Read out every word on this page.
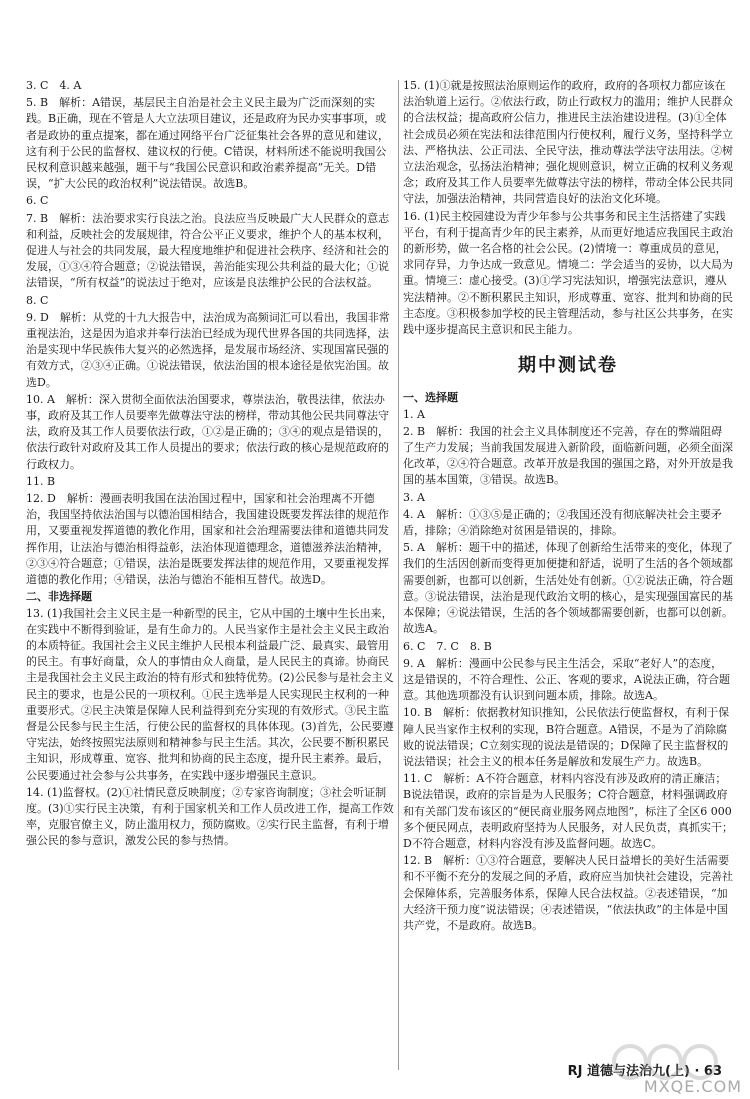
3. C　4. A
5. B　解析：A错误，基层民主自治是社会主义民主最为广泛而深刻的实践。B正确，现在不管是人大立法项目建议，还是政府为民办实事事项，或者是政协的重点提案，都在通过网络平台广泛征集社会各界的意见和建议，这有利于公民的监督权、建议权的行使。C错误，材料所述不能说明我国公民权利意识越来越强，题干与“我国公民意识和政治素养提高”无关。D错误，“扩大公民的政治权利”说法错误。故选B。
6. C
7. B　解析：法治要求实行良法之治。良法应当反映最广大人民群众的意志和利益，反映社会的发展规律，符合公平正义要求，维护个人的基本权利，促进人与社会的共同发展，最大程度地维护和促进社会秩序、经济和社会的发展，①③④符合题意；②说法错误，善治能实现公共利益的最大化；①说法错误，“所有权益”的说法过于绝对，应该是良法维护公民的合法权益。
8. C
9. D　解析：从党的十九大报告中，法治成为高频词汇可以看出，我国非常重视法治，这是因为追求并奉行法治已经成为现代世界各国的共同选择，法治是实现中华民族伟大复兴的必然选择，是发展市场经济、实现国富民强的有效方式，②③④正确。①说法错误，依法治国的根本途径是依宪治国。故选D。
10. A　解析：深入贯彻全面依法治国要求，尊崇法治，敬畏法律，依法办事，政府及其工作人员要率先做尊法守法的榜样，带动其他公民共同尊法守法，政府及其工作人员要依法行政，①②是正确的；③④的观点是错误的，依法行政针对政府及其工作人员提出的要求；依法行政的核心是规范政府的行政权力。
11. B
12. D　解析：漫画表明我国在法治国过程中，国家和社会治理离不开德治，我国坚持依法治国与以德治国相结合，我国建设既要发挥法律的规范作用，又要重视发挥道德的教化作用，国家和社会治理需要法律和道德共同发挥作用，让法治与德治相得益彰，法治体现道德理念，道德滋养法治精神，②③④符合题意；①错误，法治是既要发挥法律的规范作用，又要重视发挥道德的教化作用；④错误，法治与德治不能相互替代。故选D。
二、非选择题
13. (1)我国社会主义民主是一种新型的民主，它从中国的土壤中生长出来，在实践中不断得到验证，是有生命力的。人民当家作主是社会主义民主政治的本质特征。我国社会主义民主维护人民根本利益最广泛、最真实、最管用的民主。有事好商量，众人的事情由众人商量，是人民民主的真谛。协商民主是我国社会主义民主政治的特有形式和独特优势。(2)公民参与是社会主义民主的要求，也是公民的一项权利。①民主选举是人民实现民主权利的一种重要形式。②民主决策是保障人民利益得到充分实现的有效形式。③民主监督是公民参与民主生活，行使公民的监督权的具体体现。(3)首先，公民要遵守宪法，始终按照宪法原则和精神参与民主生活。其次，公民要不断积累民主知识，形成尊重、宽容、批判和协商的民主态度，提升民主素养。最后，公民要通过社会参与公共事务，在实践中逐步增强民主意识。
14. (1)监督权。(2)①社情民意反映制度；②专家咨询制度；③社会听证制度。(3)①实行民主决策，有利于国家机关和工作人员改进工作，提高工作效率，克服官僚主义，防止滥用权力，预防腐败。②实行民主监督，有利于增强公民的参与意识，激发公民的参与热情。
15. (1)①就是按照法治原则运作的政府，政府的各项权力都应该在法治轨道上运行。②依法行政，防止行政权力的滥用；维护人民群众的合法权益；提高政府公信力，推进民主法治建设进程。(3)①全体社会成员必须在宪法和法律范围内行使权利，履行义务，坚持科学立法、严格执法、公正司法、全民守法，推动尊法学法守法用法。②树立法治观念，弘扬法治精神；强化规则意识，树立正确的权利义务观念；政府及其工作人员要率先做尊法守法的榜样，带动全体公民共同守法，加强法治精神，共同营造良好的法治文化环境。
16. (1)民主校园建设为青少年参与公共事务和民主生活搭建了实践平台，有利于提高青少年的民主素养，从而更好地适应我国民主政治的新形势，做一名合格的社会公民。(2)情境一：尊重成员的意见，求同存异，力争达成一致意见。情境二：学会适当的妥协，以大局为重。情境三：虚心接受。(3)①学习宪法知识，增强宪法意识，遵从宪法精神。②不断积累民主知识，形成尊重、宽容、批判和协商的民主态度。③积极参加学校的民主管理活动，参与社区公共事务，在实践中逐步提高民主意识和民主能力。
期中测试卷
一、选择题
1. A
2. B　解析：我国的社会主义具体制度还不完善，存在的弊端阻碍了生产力发展；当前我国发展进入新阶段，面临新问题，必须全面深化改革，②④符合题意。改革开放是我国的强国之路，对外开放是我国的基本国策，③错误。故选B。
3. A
4. A　解析：①③⑤是正确的；②我国还没有彻底解决社会主要矛盾，排除；④消除绝对贫困是错误的，排除。
5. A　解析：题干中的描述，体现了创新给生活带来的变化，体现了我们的生活因创新而变得更加便捷和舒适，说明了生活的各个领域都需要创新，也都可以创新，生活处处有创新。①②说法正确，符合题意。③说法错误，法治是现代政治文明的核心，是实现强国富民的基本保障；④说法错误，生活的各个领域都需要创新，也都可以创新。故选A。
6. C　7. C　8. B
9. A　解析：漫画中公民参与民主生活会，采取“老好人”的态度，这是错误的，不符合理性、公正、客观的要求，A说法正确，符合题意。其他选项都没有认识到问题本质，排除。故选A。
10. B　解析：依据教材知识推知，公民依法行使监督权，有利于保障人民当家作主权利的实现，B符合题意。A错误，不是为了消除腐败的说法错误；C立刻实现的说法是错误的；D保障了民主监督权的说法错误；社会主义的根本任务是解放和发展生产力。故选B。
11. C　解析：A不符合题意，材料内容没有涉及政府的清正廉洁；B说法错误，政府的宗旨是为人民服务；C符合题意，材料强调政府和有关部门发布该区的“便民商业服务网点地图”，标注了全区6 000多个便民网点，表明政府坚持为人民服务，对人民负责，真抓实干；D不符合题意，材料内容没有涉及监督问题。故选C。
12. B　解析：①③符合题意，要解决人民日益增长的美好生活需要和不平衡不充分的发展之间的矛盾，政府应当加快社会建设，完善社会保障体系，完善服务体系，保障人民合法权益。②表述错误，“加大经济干预力度”说法错误；④表述错误，“依法执政”的主体是中国共产党，不是政府。故选B。
RJ 道德与法治九(上) · 63
MXQE.COM
